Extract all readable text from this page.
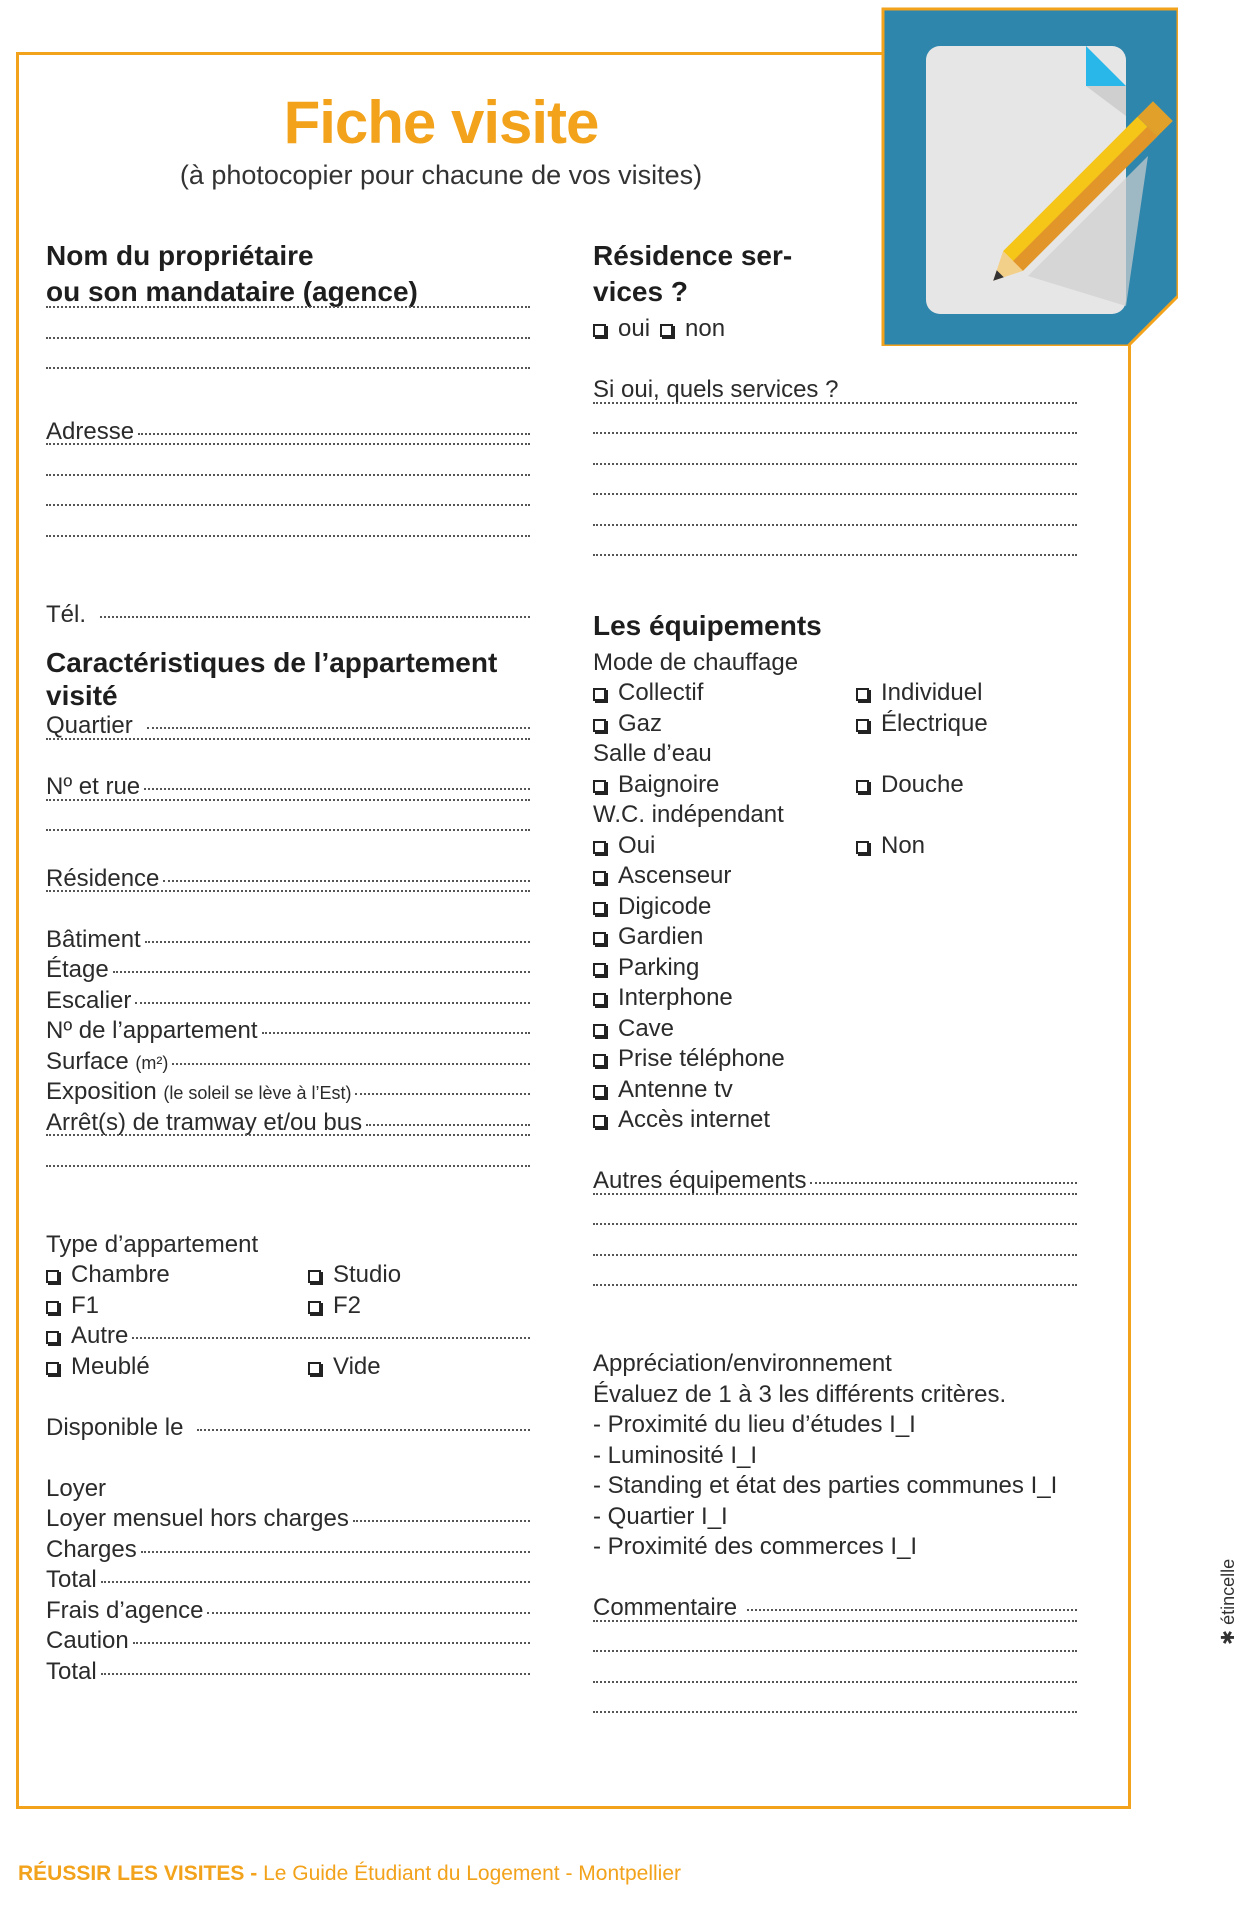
Fiche visite
(à photocopier pour chacune de vos visites)
Nom du propriétaire
ou son mandataire (agence)
Adresse
Tél.
Caractéristiques de l’appartement
visité
Quartier
Nº et rue
Résidence
Bâtiment
Étage
Escalier
Nº de l’appartement
Surface
(m²)
Exposition
(le soleil se lève à l’Est)
Arrêt(s) de tramway et/ou bus
Type d’appartement
Chambre	Studio
F1	F2
Autre
Meublé	Vide
Disponible le
Loyer
Loyer mensuel hors charges
Charges
Total
Frais d’agence
Caution
Total
Résidence ser-
vices ?
oui non
Si oui, quels services ?
Les équipements
Mode de chauffage
Collectif	Individuel
Gaz	Électrique
Salle d’eau
Baignoire	Douche
W.C. indépendant
Oui	Non
Ascenseur
Digicode
Gardien
Parking
Interphone
Cave
Prise téléphone
Antenne tv
Accès internet
Autres équipements
Appréciation/environnement
Évaluez de 1 à 3 les différents critères.
- Proximité du lieu d’études I_I
- Luminosité I_I
- Standing et état des parties communes I_I
- Quartier I_I
- Proximité des commerces I_I
Commentaire
✱ étincelle
RÉUSSIR LES VISITES - Le Guide Étudiant du Logement - Montpellier
